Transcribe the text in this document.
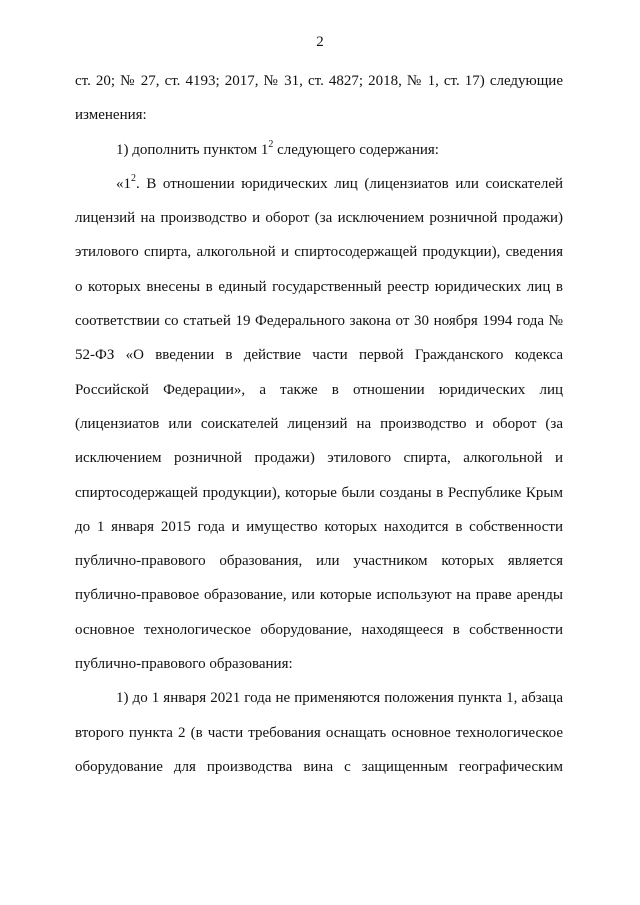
2

ст. 20; № 27, ст. 4193; 2017, № 31, ст. 4827; 2018, № 1, ст. 17) следующие изменения:

1) дополнить пунктом $1^2$ следующего содержания:

«$1^2$. В отношении юридических лиц (лицензиатов или соискателей лицензий на производство и оборот (за исключением розничной продажи) этилового спирта, алкогольной и спиртосодержащей продукции), сведения о которых внесены в единый государственный реестр юридических лиц в соответствии со статьей 19 Федерального закона от 30 ноября 1994 года № 52-ФЗ «О введении в действие части первой Гражданского кодекса Российской Федерации», а также в отношении юридических лиц (лицензиатов или соискателей лицензий на производство и оборот (за исключением розничной продажи) этилового спирта, алкогольной и спиртосодержащей продукции), которые были созданы в Республике Крым до 1 января 2015 года и имущество которых находится в собственности публично-правового образования, или участником которых является публично-правовое образование, или которые используют на праве аренды основное технологическое оборудование, находящееся в собственности публично-правового образования:

1) до 1 января 2021 года не применяются положения пункта 1, абзаца второго пункта 2 (в части требования оснащать основное технологическое оборудование для производства вина с защищенным географическим
